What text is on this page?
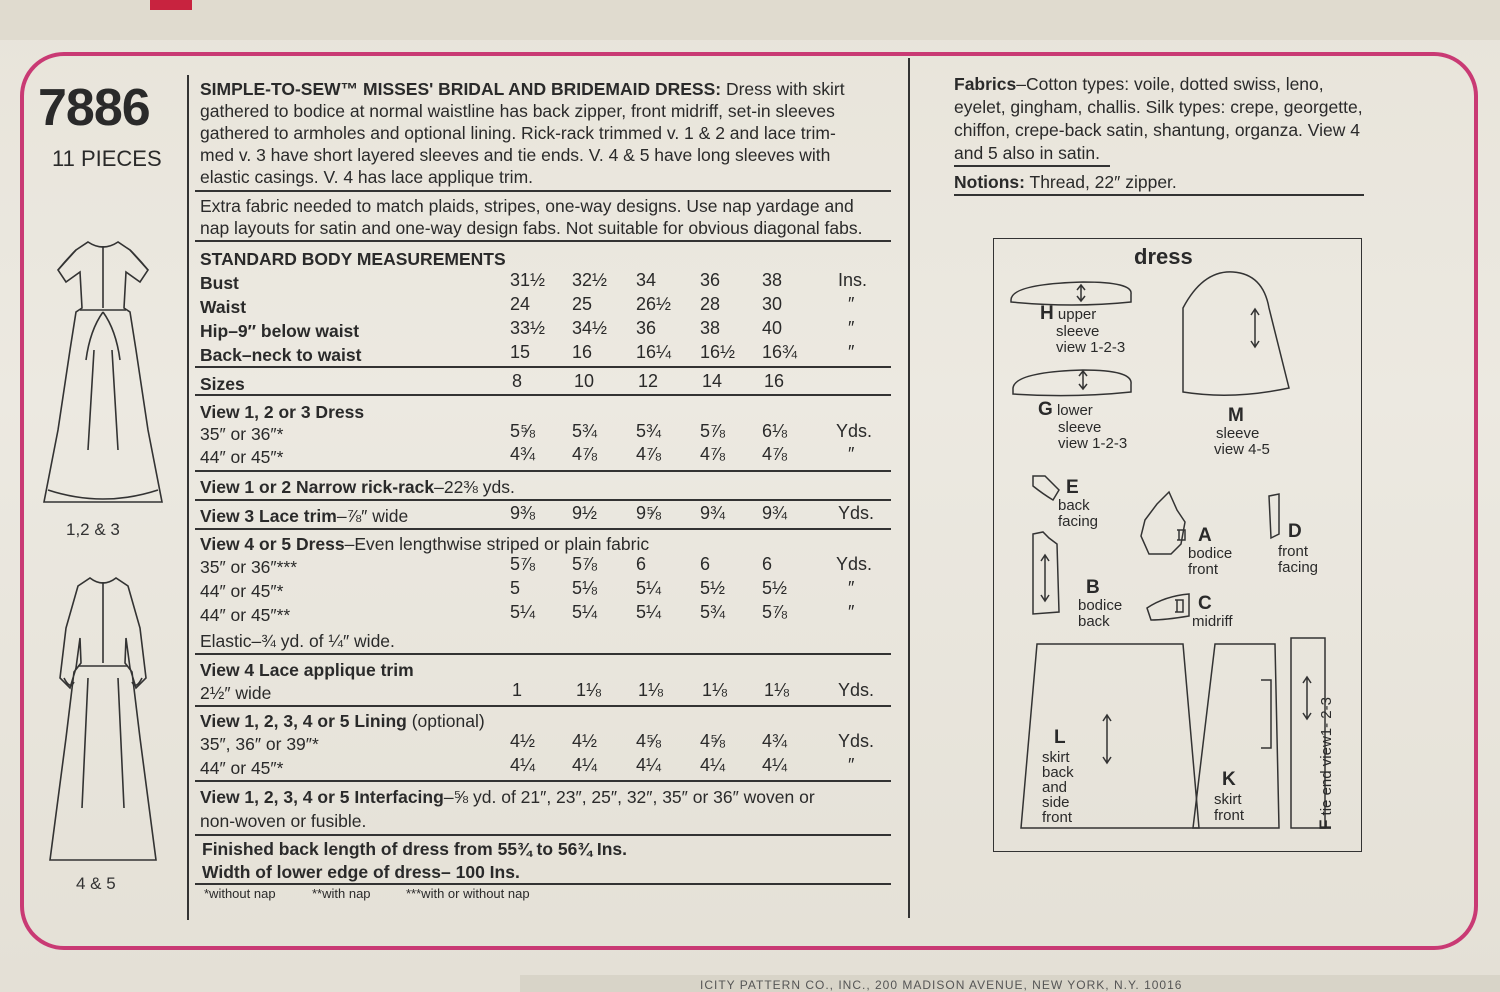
7886
11 PIECES
1,2 & 3
4 & 5
SIMPLE-TO-SEW™ MISSES' BRIDAL AND BRIDEMAID DRESS: Dress with skirt
gathered to bodice at normal waistline has back zipper, front midriff, set-in sleeves
gathered to armholes and optional lining. Rick-rack trimmed v. 1 & 2 and lace trim-
med v. 3 have short layered sleeves and tie ends. V. 4 & 5 have long sleeves with
elastic casings. V. 4 has lace applique trim.
Extra fabric needed to match plaids, stripes, one-way designs. Use nap yardage and
nap layouts for satin and one-way design fabs. Not suitable for obvious diagonal fabs.
STANDARD BODY MEASUREMENTS
Bust	31½ 32½ 34 36 38	Ins.
Waist	24 25 26½ 28 30	″
Hip–9″ below waist	33½ 34½ 36 38 40	″
Back–neck to waist	15 16 16¼ 16½ 16¾	″
Sizes	8	10 12 14 16
View 1, 2 or 3 Dress
35″ or 36″*	5⅝ 5¾ 5¾ 5⅞ 6⅛	Yds.
44″ or 45″*	4¾ 4⅞ 4⅞ 4⅞ 4⅞	″
View 1 or 2 Narrow rick-rack–22⅜ yds.
View 3 Lace trim–⅞″ wide	9⅜ 9½ 9⅝ 9¾ 9¾	Yds.
View 4 or 5 Dress–Even lengthwise striped or plain fabric
35″ or 36″***	5⅞ 5⅞ 6	6	6	Yds.
44″ or 45″*	5	5⅛ 5¼ 5½ 5½	″
44″ or 45″**	5¼ 5¼ 5¼ 5¾ 5⅞	″
Elastic–¾ yd. of ¼″ wide.
View 4 Lace applique trim
2½″ wide	1	1⅛ 1⅛ 1⅛ 1⅛	Yds.
View 1, 2, 3, 4 or 5 Lining (optional)
35″, 36″ or 39″*	4½ 4½ 4⅝ 4⅝ 4¾	Yds.
44″ or 45″*	4¼ 4¼ 4¼ 4¼ 4¼	″
View 1, 2, 3, 4 or 5 Interfacing–⅝ yd. of 21″, 23″, 25″, 32″, 35″ or 36″ woven or
non-woven or fusible.
Finished back length of dress from 55¾ to 56¾ Ins.
Width of lower edge of dress– 100 Ins.
*without nap	**with nap	***with or without nap
Fabrics–Cotton types: voile, dotted swiss, leno,
eyelet, gingham, challis. Silk types: crepe, georgette,
chiffon, crepe-back satin, shantung, organza. View 4
and 5 also in satin.
Notions: Thread, 22″ zipper.
dress
H upper
sleeve
view 1-2-3
G lower
sleeve
view 1-2-3
M
sleeve
view 4-5
E
back
facing
A
bodice
front
D
front
facing
B
bodice
back
C
midriff
L
skirt
back
and
side
front
K
skirt
front
F tie end view1- 2-3
ICITY PATTERN CO., INC., 200 MADISON AVENUE, NEW YORK, N.Y. 10016
